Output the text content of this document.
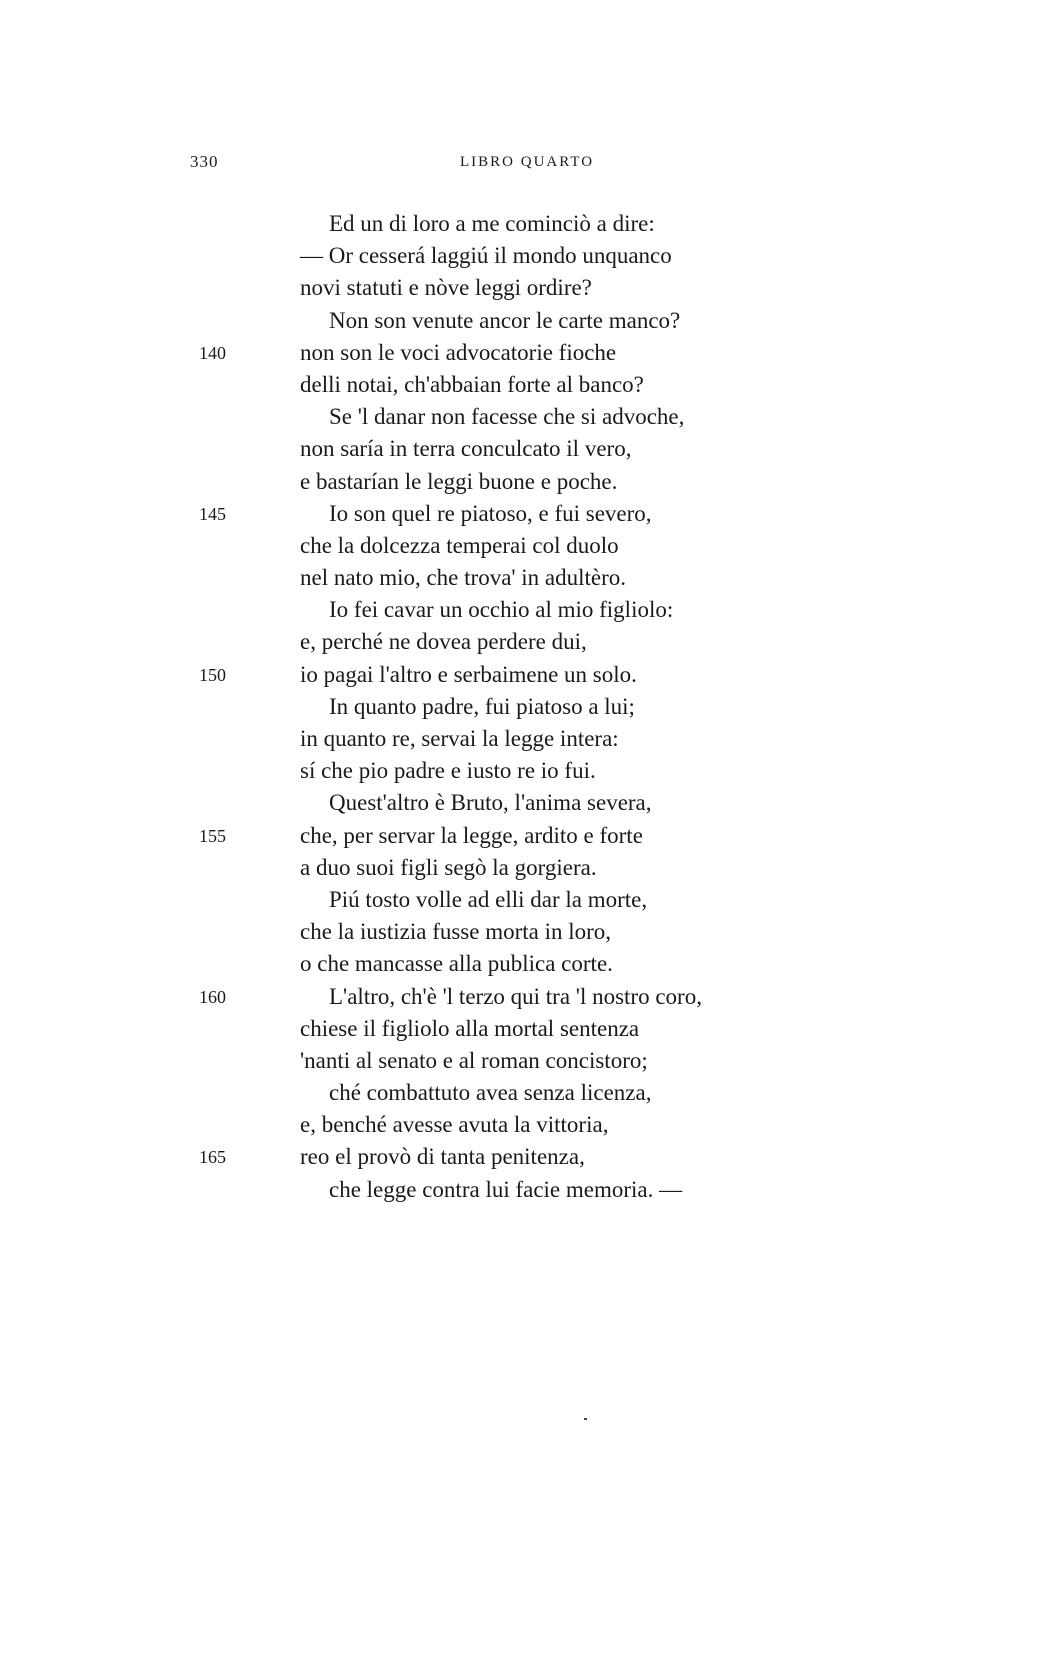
330	LIBRO QUARTO
Ed un di loro a me cominciò a dire:
— Or cesserá laggiú il mondo unquanco
novi statuti e nòve leggi ordire?
Non son venute ancor le carte manco?
140	non son le voci advocatorie fioche
delli notai, ch'abbaian forte al banco?
Se 'l danar non facesse che si advoche,
non saría in terra conculcato il vero,
e bastarían le leggi buone e poche.
145	Io son quel re piatoso, e fui severo,
che la dolcezza temperai col duolo
nel nato mio, che trova' in adultèro.
Io fei cavar un occhio al mio figliolo:
e, perché ne dovea perdere dui,
150	io pagai l'altro e serbaimene un solo.
In quanto padre, fui piatoso a lui;
in quanto re, servai la legge intera:
sí che pio padre e iusto re io fui.
Quest'altro è Bruto, l'anima severa,
155	che, per servar la legge, ardito e forte
a duo suoi figli segò la gorgiera.
Piú tosto volle ad elli dar la morte,
che la iustizia fusse morta in loro,
o che mancasse alla publica corte.
160	L'altro, ch'è 'l terzo qui tra 'l nostro coro,
chiese il figliolo alla mortal sentenza
'nanti al senato e al roman concistoro;
ché combattuto avea senza licenza,
e, benché avesse avuta la vittoria,
165	reo el provò di tanta penitenza,
che legge contra lui facie memoria. —
